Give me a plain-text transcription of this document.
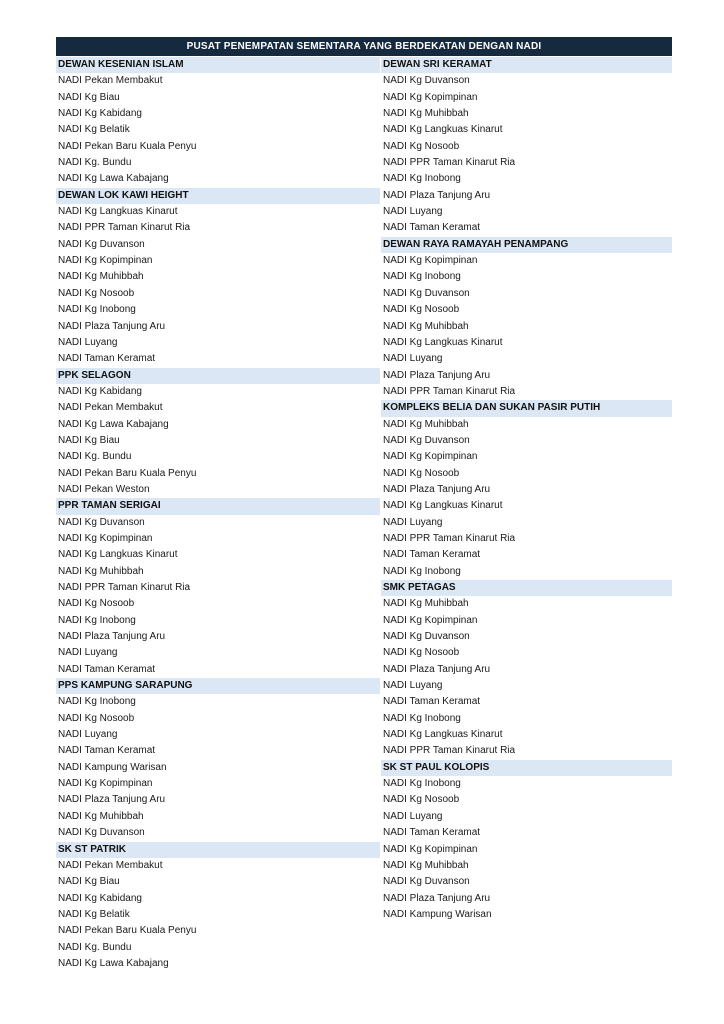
PUSAT PENEMPATAN SEMENTARA YANG BERDEKATAN DENGAN NADI
DEWAN KESENIAN ISLAM
NADI Pekan Membakut
NADI Kg Biau
NADI Kg Kabidang
NADI Kg Belatik
NADI Pekan Baru Kuala Penyu
NADI Kg. Bundu
NADI Kg Lawa Kabajang
DEWAN LOK KAWI HEIGHT
NADI Kg Langkuas Kinarut
NADI PPR Taman Kinarut Ria
NADI Kg Duvanson
NADI Kg Kopimpinan
NADI Kg Muhibbah
NADI Kg Nosoob
NADI Kg Inobong
NADI Plaza Tanjung Aru
NADI Luyang
NADI Taman Keramat
PPK SELAGON
NADI Kg Kabidang
NADI Pekan Membakut
NADI Kg Lawa Kabajang
NADI Kg Biau
NADI Kg. Bundu
NADI Pekan Baru Kuala Penyu
NADI Pekan Weston
PPR TAMAN SERIGAI
NADI Kg Duvanson
NADI Kg Kopimpinan
NADI Kg Langkuas Kinarut
NADI Kg Muhibbah
NADI PPR Taman Kinarut Ria
NADI Kg Nosoob
NADI Kg Inobong
NADI Plaza Tanjung Aru
NADI Luyang
NADI Taman Keramat
PPS KAMPUNG SARAPUNG
NADI Kg Inobong
NADI Kg Nosoob
NADI Luyang
NADI Taman Keramat
NADI Kampung Warisan
NADI Kg Kopimpinan
NADI Plaza Tanjung Aru
NADI Kg Muhibbah
NADI Kg Duvanson
SK ST PATRIK
NADI Pekan Membakut
NADI Kg Biau
NADI Kg Kabidang
NADI Kg Belatik
NADI Pekan Baru Kuala Penyu
NADI Kg. Bundu
NADI Kg Lawa Kabajang
DEWAN SRI KERAMAT
NADI Kg Duvanson
NADI Kg Kopimpinan
NADI Kg Muhibbah
NADI Kg Langkuas Kinarut
NADI Kg Nosoob
NADI PPR Taman Kinarut Ria
NADI Kg Inobong
NADI Plaza Tanjung Aru
NADI Luyang
NADI Taman Keramat
DEWAN RAYA RAMAYAH PENAMPANG
NADI Kg Kopimpinan
NADI Kg Inobong
NADI Kg Duvanson
NADI Kg Nosoob
NADI Kg Muhibbah
NADI Kg Langkuas Kinarut
NADI Luyang
NADI Plaza Tanjung Aru
NADI PPR Taman Kinarut Ria
KOMPLEKS BELIA DAN SUKAN PASIR PUTIH
NADI Kg Muhibbah
NADI Kg Duvanson
NADI Kg Kopimpinan
NADI Kg Nosoob
NADI Plaza Tanjung Aru
NADI Kg Langkuas Kinarut
NADI Luyang
NADI PPR Taman Kinarut Ria
NADI Taman Keramat
NADI Kg Inobong
SMK PETAGAS
NADI Kg Muhibbah
NADI Kg Kopimpinan
NADI Kg Duvanson
NADI Kg Nosoob
NADI Plaza Tanjung Aru
NADI Luyang
NADI Taman Keramat
NADI Kg Inobong
NADI Kg Langkuas Kinarut
NADI PPR Taman Kinarut Ria
SK ST PAUL KOLOPIS
NADI Kg Inobong
NADI Kg Nosoob
NADI Luyang
NADI Taman Keramat
NADI Kg Kopimpinan
NADI Kg Muhibbah
NADI Kg Duvanson
NADI Plaza Tanjung Aru
NADI Kampung Warisan
